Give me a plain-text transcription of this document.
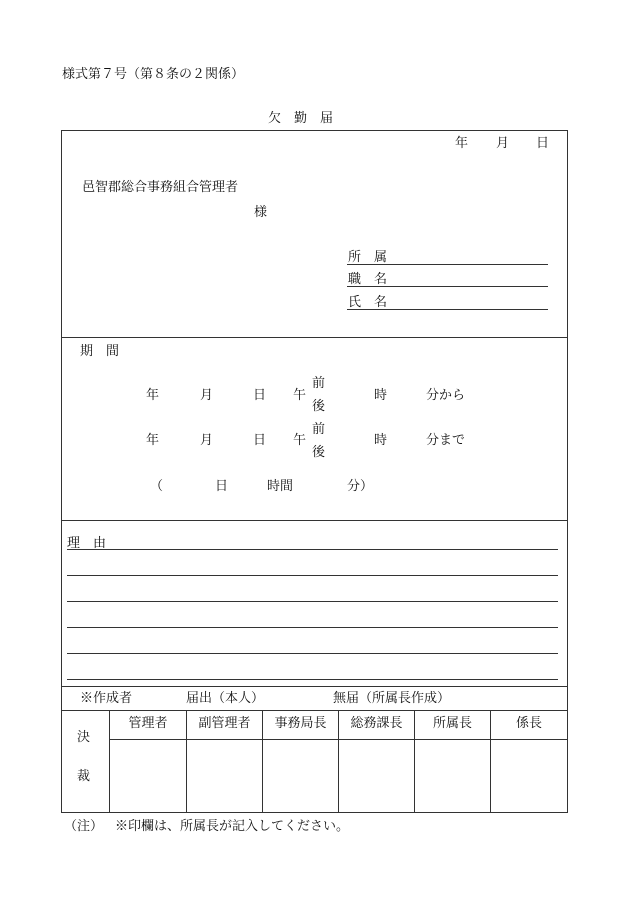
様式第７号（第８条の２関係）
欠　勤　届
年 月 日
邑智郡総合事務組合管理者
様
所　属
職　名
氏　名
期　間
年	月	日 午
前
後
時	分から
年	月	日 午
前
後
時	分まで
（	日	時間	分）
理　由
※作成者	届出（本人）	無届（所属長作成）
決
裁
管理者	副管理者	事務局長	総務課長	所属長	係長
（注） ※印欄は、所属長が記入してください。
